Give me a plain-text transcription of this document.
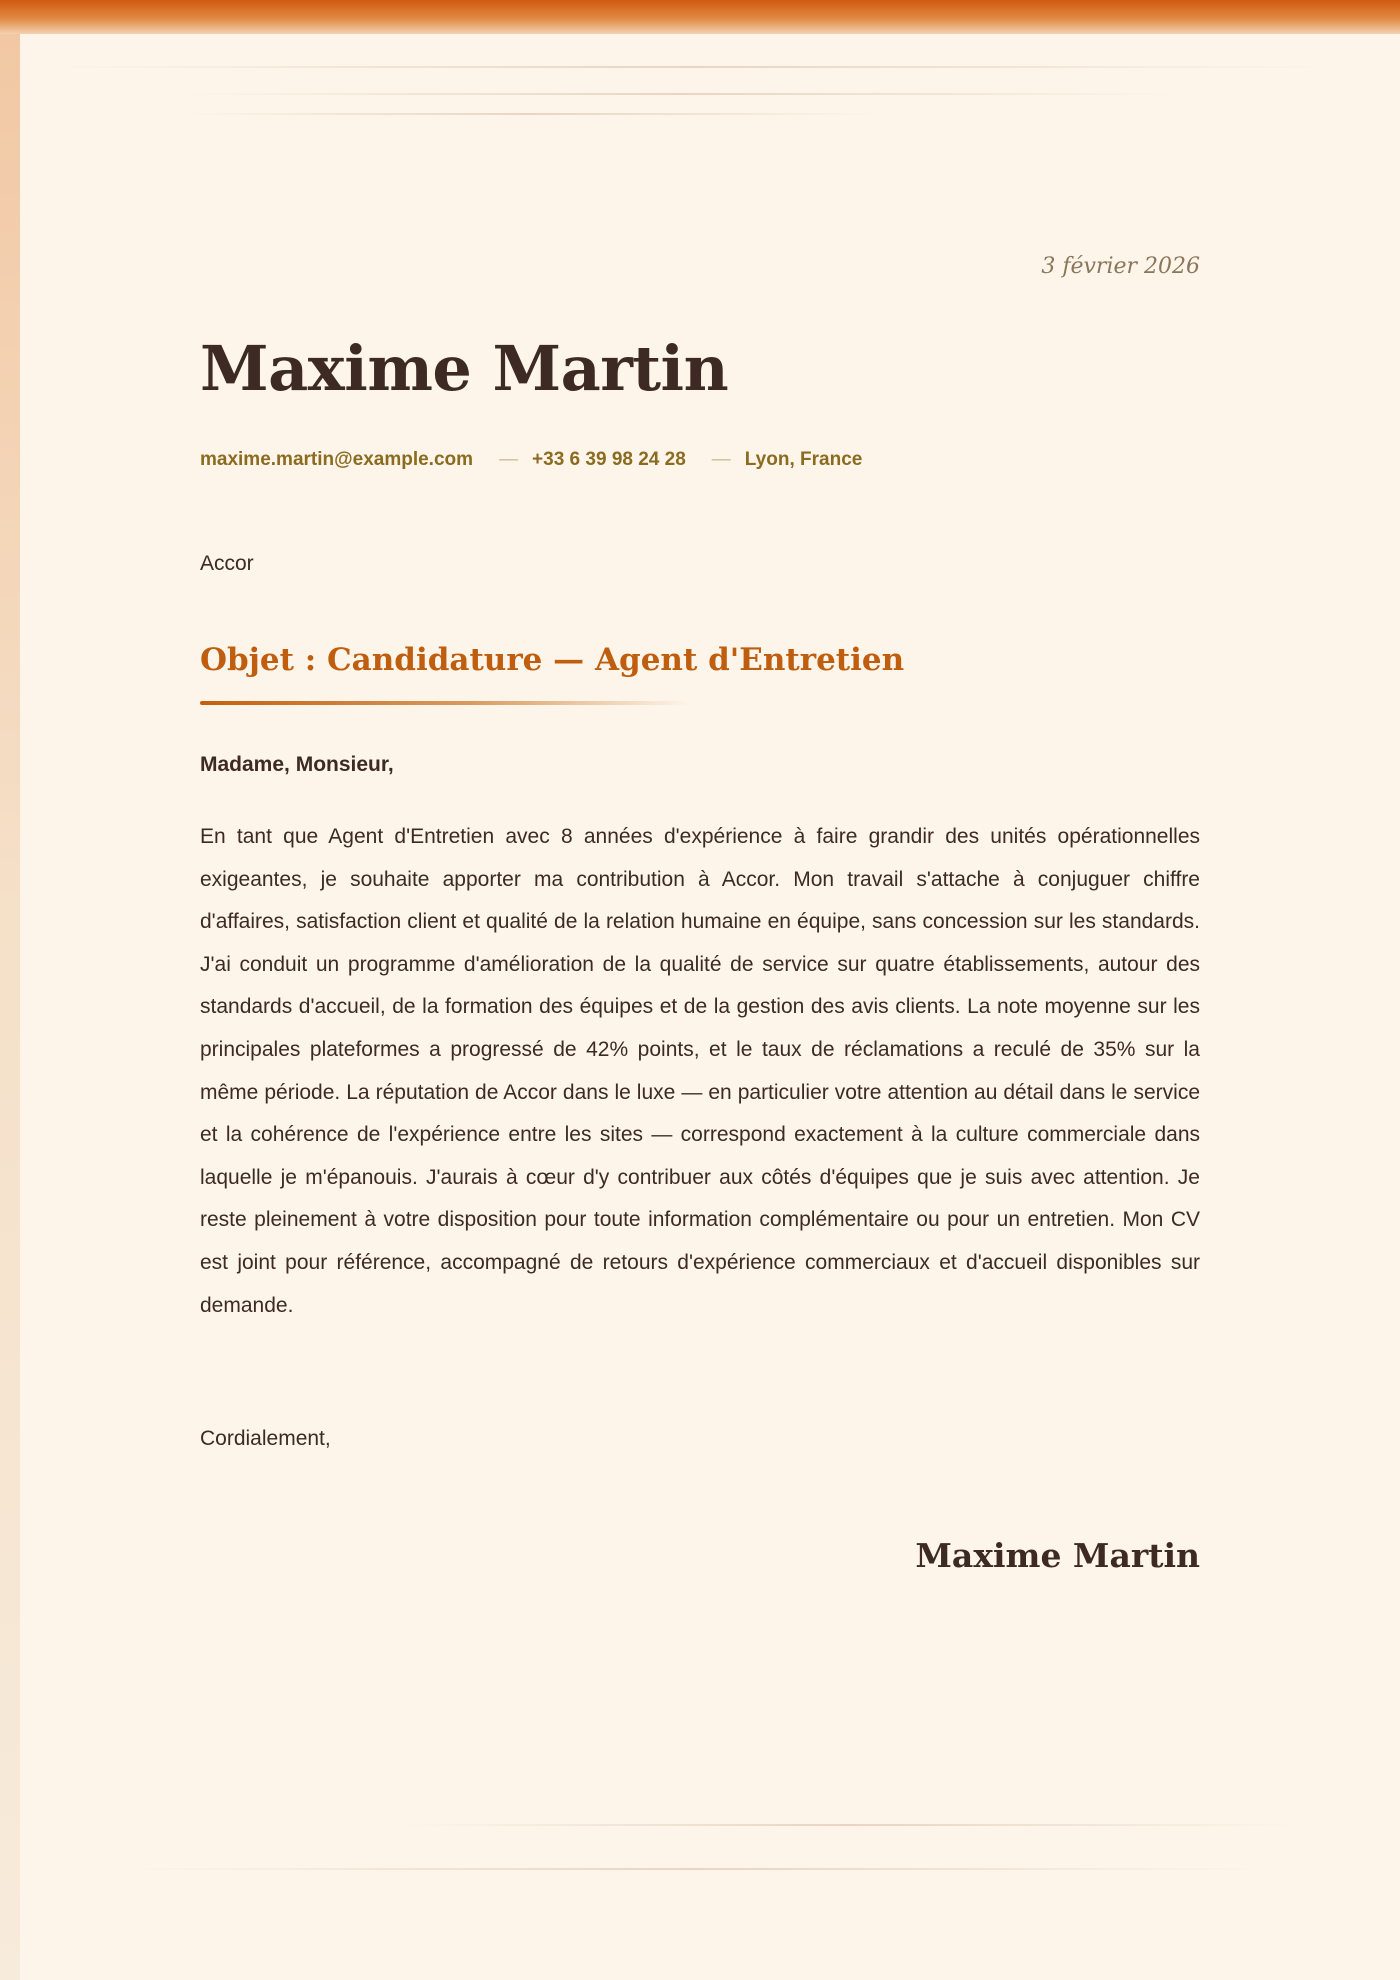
3 février 2026
Maxime Martin
maxime.martin@example.com — +33 6 39 98 24 28 — Lyon, France
Accor
Objet : Candidature — Agent d'Entretien
Madame, Monsieur,

En tant que Agent d'Entretien avec 8 années d'expérience à faire grandir des unités opérationnelles exigeantes, je souhaite apporter ma contribution à Accor. Mon travail s'attache à conjuguer chiffre d'affaires, satisfaction client et qualité de la relation humaine en équipe, sans concession sur les standards. J'ai conduit un programme d'amélioration de la qualité de service sur quatre établissements, autour des standards d'accueil, de la formation des équipes et de la gestion des avis clients. La note moyenne sur les principales plateformes a progressé de 42% points, et le taux de réclamations a reculé de 35% sur la même période. La réputation de Accor dans le luxe — en particulier votre attention au détail dans le service et la cohérence de l'expérience entre les sites — correspond exactement à la culture commerciale dans laquelle je m'épanouis. J'aurais à cœur d'y contribuer aux côtés d'équipes que je suis avec attention. Je reste pleinement à votre disposition pour toute information complémentaire ou pour un entretien. Mon CV est joint pour référence, accompagné de retours d'expérience commerciaux et d'accueil disponibles sur demande.

Cordialement,
Maxime Martin
